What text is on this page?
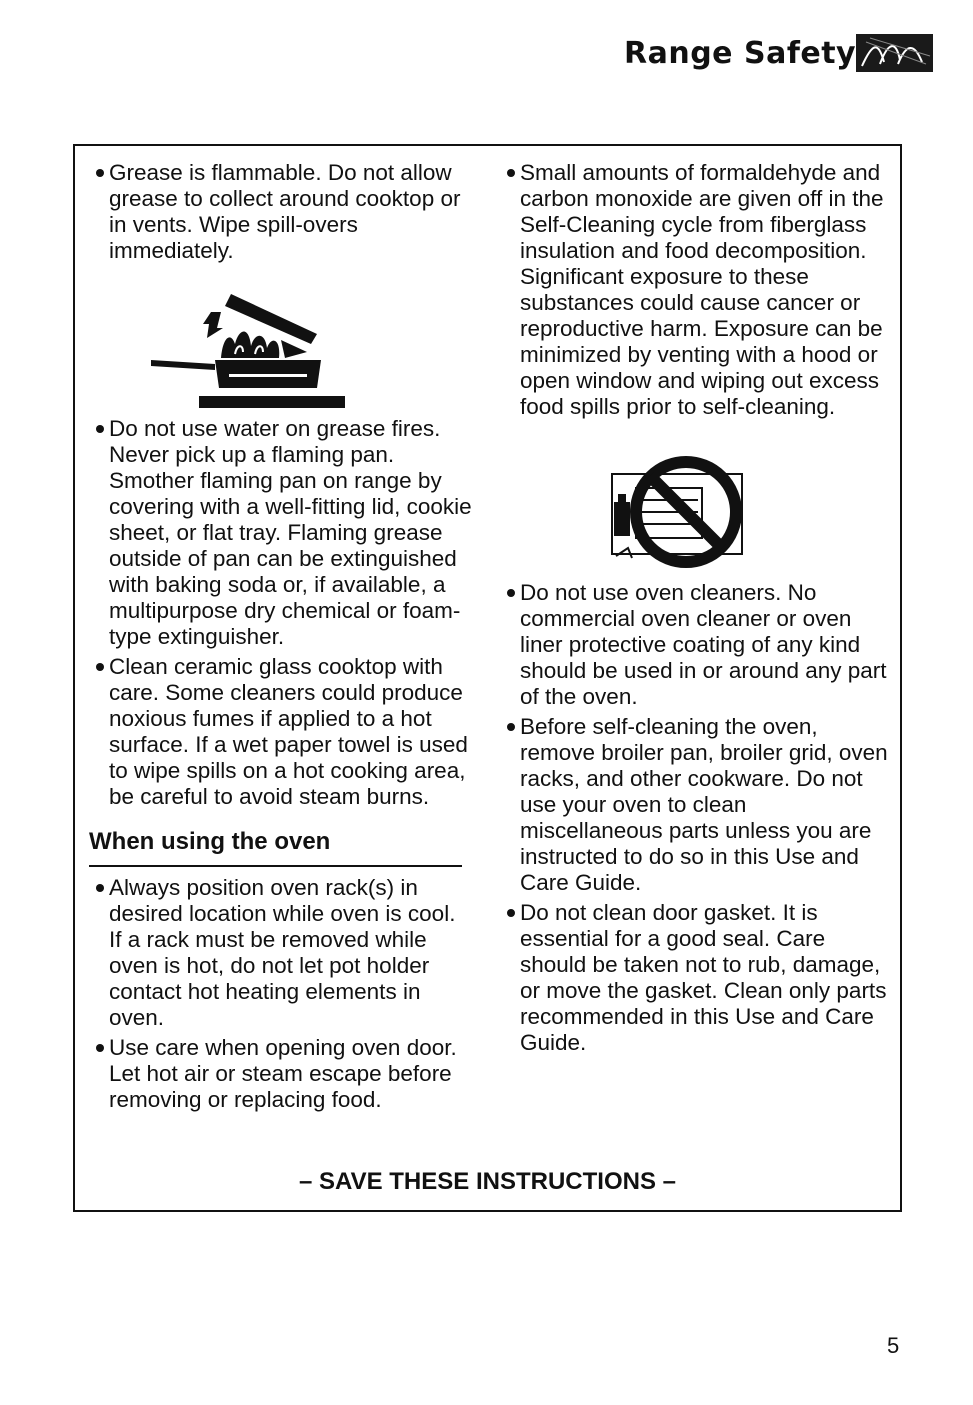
Range Safety
Grease is flammable. Do not allow grease to collect around cooktop or in vents. Wipe spill-overs immediately.
Do not use water on grease fires. Never pick up a flaming pan. Smother flaming pan on range by covering with a well-fitting lid, cookie sheet, or flat tray. Flaming grease outside of pan can be extinguished with baking soda or, if available, a multipurpose dry chemical or foam-type extinguisher.
Clean ceramic glass cooktop with care. Some cleaners could produce noxious fumes if applied to a hot surface. If a wet paper towel is used to wipe spills on a hot cooking area, be careful to avoid steam burns.
When using the oven
Always position oven rack(s) in desired location while oven is cool. If a rack must be removed while oven is hot, do not let pot holder contact hot heating elements in oven.
Use care when opening oven door. Let hot air or steam escape before removing or replacing food.
Small amounts of formaldehyde and carbon monoxide are given off in the Self-Cleaning cycle from fiberglass insulation and food decomposition. Significant exposure to these substances could cause cancer or reproductive harm. Exposure can be minimized by venting with a hood or open window and wiping out excess food spills prior to self-cleaning.
Do not use oven cleaners. No commercial oven cleaner or oven liner protective coating of any kind should be used in or around any part of the oven.
Before self-cleaning the oven, remove broiler pan, broiler grid, oven racks, and other cookware. Do not use your oven to clean miscellaneous parts unless you are instructed to do so in this Use and Care Guide.
Do not clean door gasket. It is essential for a good seal. Care should be taken not to rub, damage, or move the gasket. Clean only parts recommended in this Use and Care Guide.
– SAVE THESE INSTRUCTIONS –
5
